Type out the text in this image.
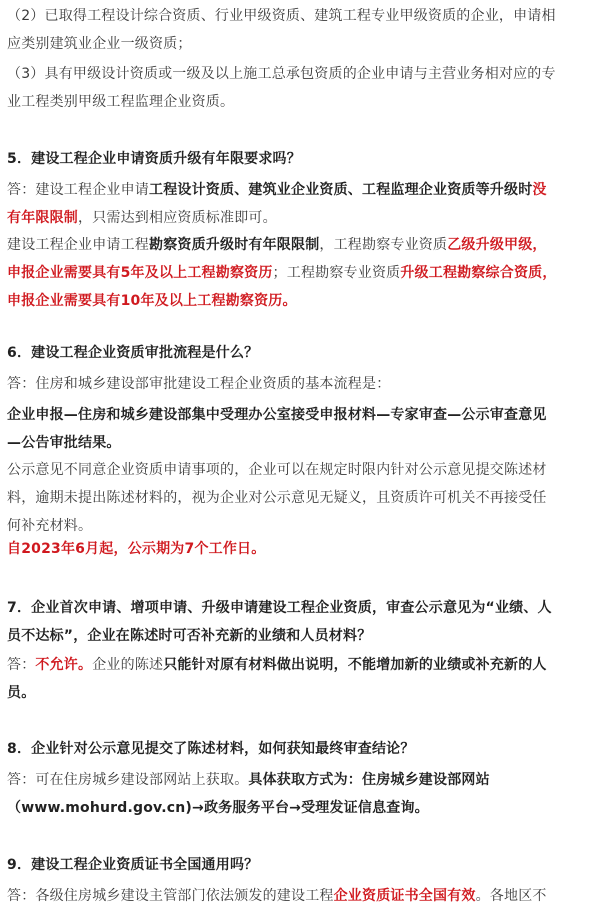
（2）已取得工程设计综合资质、行业甲级资质、建筑工程专业甲级资质的企业，申请相
应类别建筑业企业一级资质；
（3）具有甲级设计资质或一级及以上施工总承包资质的企业申请与主营业务相对应的专
业工程类别甲级工程监理企业资质。
5．建设工程企业申请资质升级有年限要求吗？
答：建设工程企业申请工程设计资质、建筑业企业资质、工程监理企业资质等升级时没
有年限限制，只需达到相应资质标准即可。
建设工程企业申请工程勘察资质升级时有年限限制，工程勘察专业资质乙级升级甲级，
申报企业需要具有5年及以上工程勘察资历；工程勘察专业资质升级工程勘察综合资质，
申报企业需要具有10年及以上工程勘察资历。
6．建设工程企业资质审批流程是什么？
答：住房和城乡建设部审批建设工程企业资质的基本流程是：
企业申报—住房和城乡建设部集中受理办公室接受申报材料—专家审查—公示审查意见
—公告审批结果。
公示意见不同意企业资质申请事项的，企业可以在规定时限内针对公示意见提交陈述材
料，逾期未提出陈述材料的，视为企业对公示意见无疑义，且资质许可机关不再接受任
何补充材料。
自2023年6月起，公示期为7个工作日。
7．企业首次申请、增项申请、升级申请建设工程企业资质，审查公示意见为“业绩、人
员不达标”，企业在陈述时可否补充新的业绩和人员材料？
答：不允许。企业的陈述只能针对原有材料做出说明，不能增加新的业绩或补充新的人
员。
8．企业针对公示意见提交了陈述材料，如何获知最终审查结论？
答：可在住房城乡建设部网站上获取。具体获取方式为：住房城乡建设部网站
（www.mohurd.gov.cn)→政务服务平台→受理发证信息查询。
9．建设工程企业资质证书全国通用吗？
答：各级住房城乡建设主管部门依法颁发的建设工程企业资质证书全国有效。各地区不
